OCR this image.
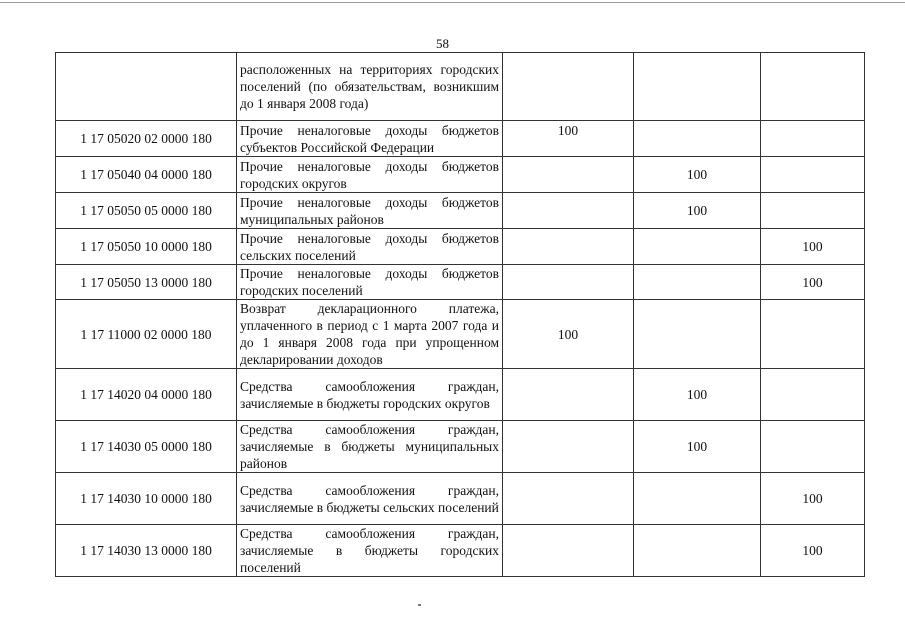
58
	расположенных на территориях городских поселений (по обязательствам, возникшим до 1 января 2008 года)			
1 17 05020 02 0000 180	Прочие неналоговые доходы бюджетов субъектов Российской Федерации	100		
1 17 05040 04 0000 180	Прочие неналоговые доходы бюджетов городских округов		100	
1 17 05050 05 0000 180	Прочие неналоговые доходы бюджетов муниципальных районов		100	
1 17 05050 10 0000 180	Прочие неналоговые доходы бюджетов сельских поселений			100
1 17 05050 13 0000 180	Прочие неналоговые доходы бюджетов городских поселений			100
1 17 11000 02 0000 180	Возврат декларационного платежа, уплаченного в период с 1 марта 2007 года и до 1 января 2008 года при упрощенном декларировании доходов	100		
1 17 14020 04 0000 180	Средства самообложения граждан, зачисляемые в бюджеты городских округов		100	
1 17 14030 05 0000 180	Средства самообложения граждан, зачисляемые в бюджеты муниципальных районов		100	
1 17 14030 10 0000 180	Средства самообложения граждан, зачисляемые в бюджеты сельских поселений			100
1 17 14030 13 0000 180	Средства самообложения граждан, зачисляемые в бюджеты городских поселений			100
